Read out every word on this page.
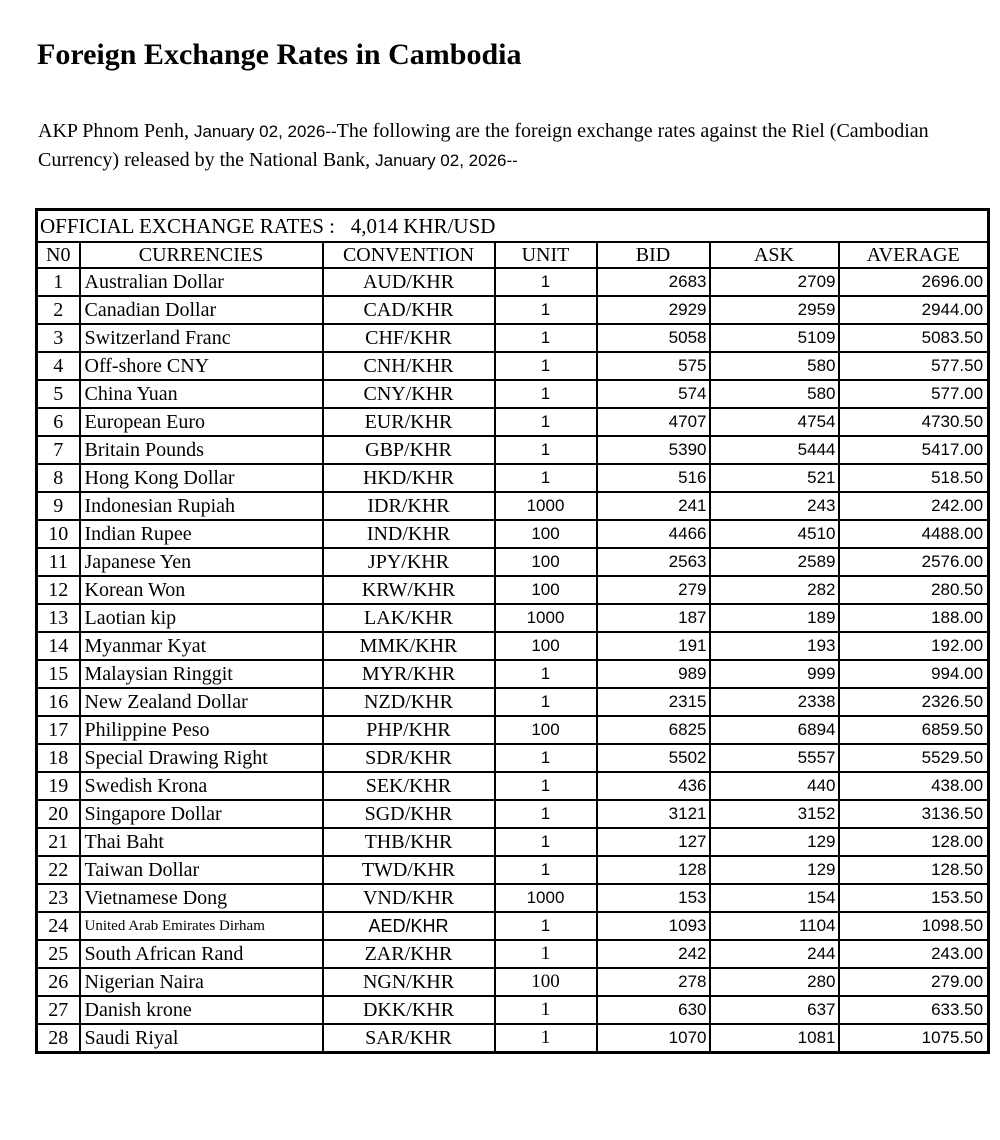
Foreign Exchange Rates in Cambodia

AKP Phnom Penh, January 02, 2026--The following are the foreign exchange rates against the Riel (Cambodian Currency) released by the National Bank, January 02, 2026--

OFFICIAL EXCHANGE RATES :   4,014 KHR/USD						
N0	CURRENCIES	CONVENTION	UNIT	BID	ASK	AVERAGE
1	Australian Dollar	AUD/KHR	1	2683	2709	2696.00
2	Canadian Dollar	CAD/KHR	1	2929	2959	2944.00
3	Switzerland Franc	CHF/KHR	1	5058	5109	5083.50
4	Off-shore CNY	CNH/KHR	1	575	580	577.50
5	China Yuan	CNY/KHR	1	574	580	577.00
6	European Euro	EUR/KHR	1	4707	4754	4730.50
7	Britain Pounds	GBP/KHR	1	5390	5444	5417.00
8	Hong Kong Dollar	HKD/KHR	1	516	521	518.50
9	Indonesian Rupiah	IDR/KHR	1000	241	243	242.00
10	Indian Rupee	IND/KHR	100	4466	4510	4488.00
11	Japanese Yen	JPY/KHR	100	2563	2589	2576.00
12	Korean Won	KRW/KHR	100	279	282	280.50
13	Laotian kip	LAK/KHR	1000	187	189	188.00
14	Myanmar Kyat	MMK/KHR	100	191	193	192.00
15	Malaysian Ringgit	MYR/KHR	1	989	999	994.00
16	New Zealand Dollar	NZD/KHR	1	2315	2338	2326.50
17	Philippine Peso	PHP/KHR	100	6825	6894	6859.50
18	Special Drawing Right	SDR/KHR	1	5502	5557	5529.50
19	Swedish Krona	SEK/KHR	1	436	440	438.00
20	Singapore Dollar	SGD/KHR	1	3121	3152	3136.50
21	Thai Baht	THB/KHR	1	127	129	128.00
22	Taiwan Dollar	TWD/KHR	1	128	129	128.50
23	Vietnamese Dong	VND/KHR	1000	153	154	153.50
24	United Arab Emirates Dirham	AED/KHR	1	1093	1104	1098.50
25	South African Rand	ZAR/KHR	1	242	244	243.00
26	Nigerian Naira	NGN/KHR	100	278	280	279.00
27	Danish krone	DKK/KHR	1	630	637	633.50
28	Saudi Riyal	SAR/KHR	1	1070	1081	1075.50
